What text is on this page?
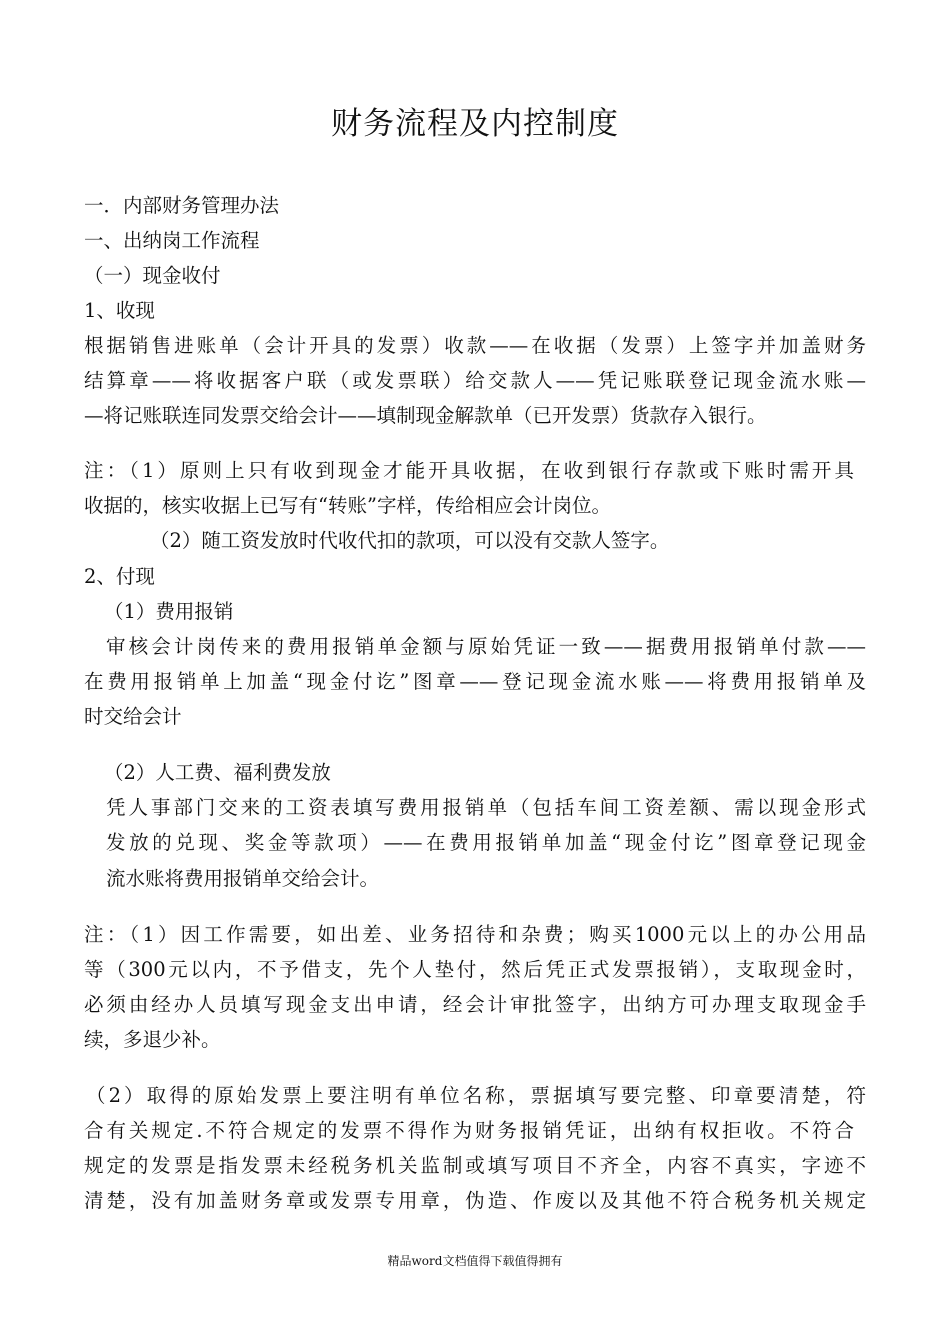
财务流程及内控制度

一．内部财务管理办法

一、出纳岗工作流程

（一）现金收付

1、收现

根据销售进账单（会计开具的发票）收款——在收据（发票）上签字并加盖财务

结算章——将收据客户联（或发票联）给交款人——凭记账联登记现金流水账—

—将记账联连同发票交给会计——填制现金解款单（已开发票）货款存入银行。

注：（1）原则上只有收到现金才能开具收据，在收到银行存款或下账时需开具

收据的，核实收据上已写有“转账”字样，传给相应会计岗位。

（2）随工资发放时代收代扣的款项，可以没有交款人签字。

2、付现

（1）费用报销

审核会计岗传来的费用报销单金额与原始凭证一致——据费用报销单付款——

在费用报销单上加盖“现金付讫”图章——登记现金流水账——将费用报销单及

时交给会计

（2）人工费、福利费发放

凭人事部门交来的工资表填写费用报销单（包括车间工资差额、需以现金形式

发放的兑现、奖金等款项）——在费用报销单加盖“现金付讫”图章登记现金

流水账将费用报销单交给会计。

注：（1）因工作需要，如出差、业务招待和杂费；购买1000元以上的办公用品

等（300元以内，不予借支，先个人垫付，然后凭正式发票报销），支取现金时，

必须由经办人员填写现金支出申请，经会计审批签字，出纳方可办理支取现金手

续，多退少补。

（2）取得的原始发票上要注明有单位名称，票据填写要完整、印章要清楚，符

合有关规定.不符合规定的发票不得作为财务报销凭证，出纳有权拒收。不符合

规定的发票是指发票未经税务机关监制或填写项目不齐全，内容不真实，字迹不

清楚，没有加盖财务章或发票专用章，伪造、作废以及其他不符合税务机关规定

精品word文档值得下载值得拥有
